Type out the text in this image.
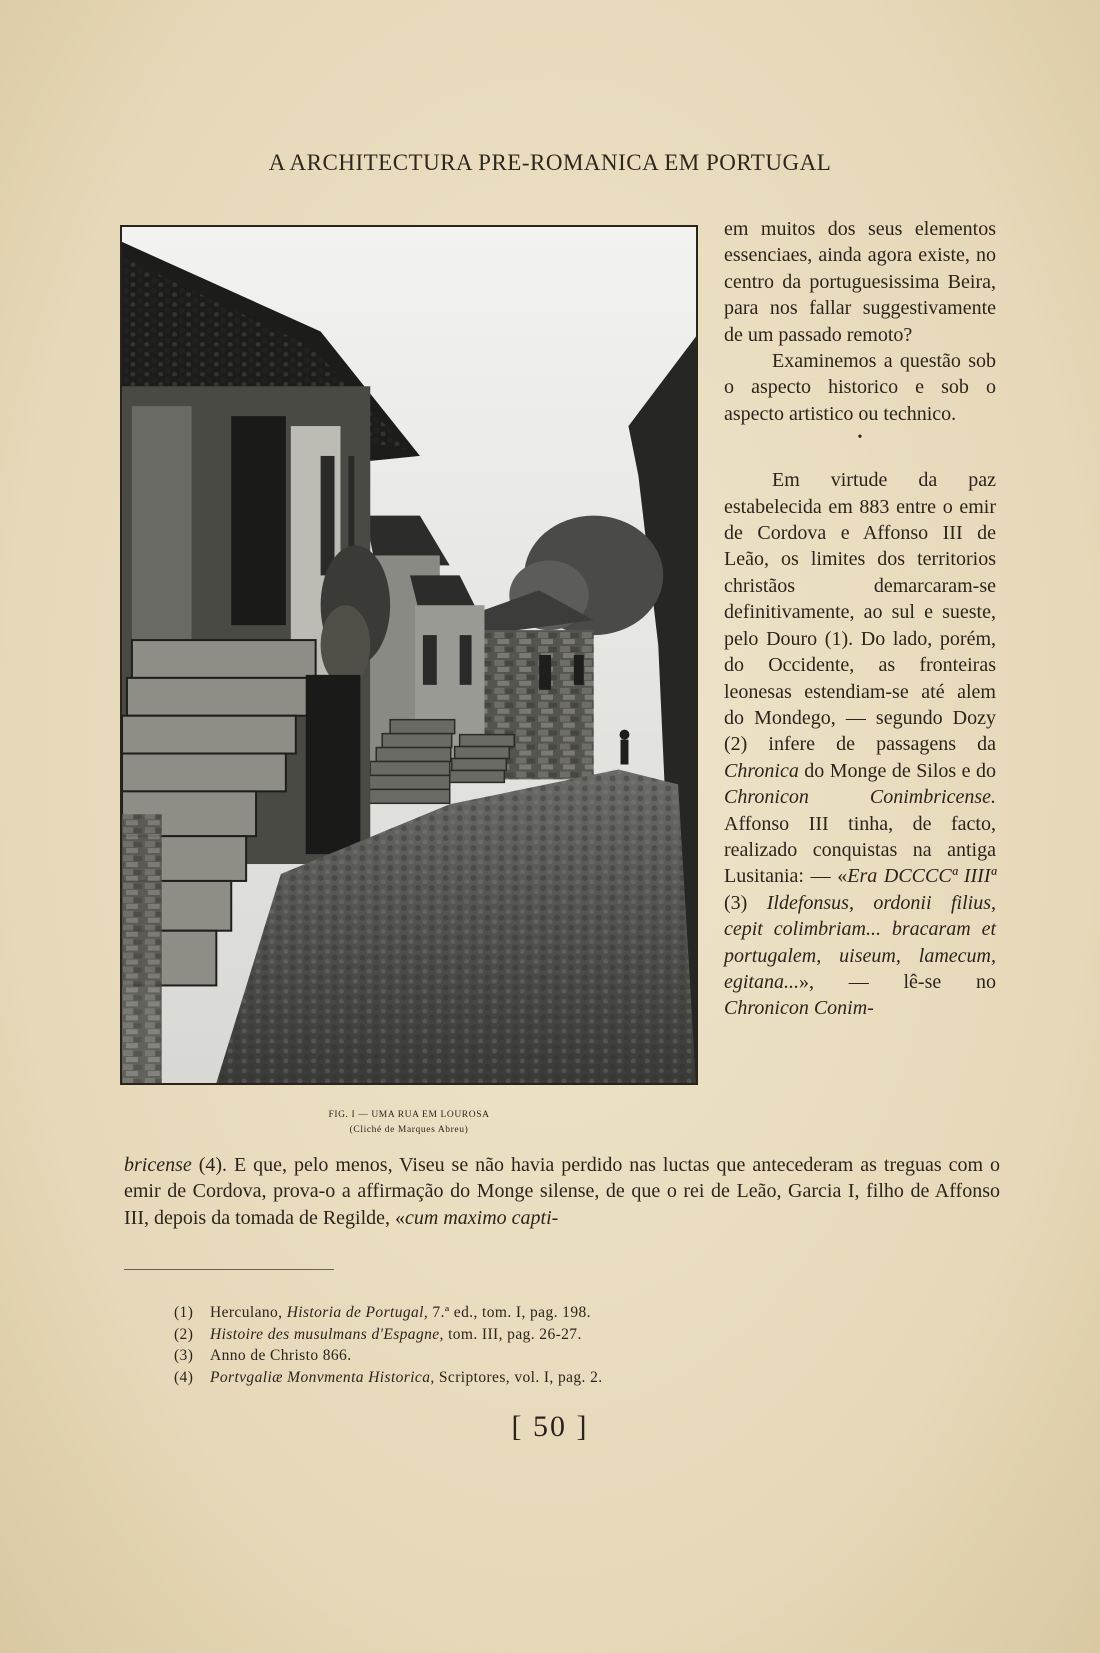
A ARCHITECTURA PRE-ROMANICA EM PORTUGAL
FIG. I — UMA RUA EM LOUROSA
(Cliché de Marques Abreu)

em muitos dos seus elementos essenciaes, ainda agora existe, no centro da portuguesissima Beira, para nos fallar suggestivamente de um passado remoto?

Examinemos a questão sob o aspecto historico e sob o aspecto artistico ou technico.

•

Em virtude da paz estabelecida em 883 entre o emir de Cordova e Affonso III de Leão, os limites dos territorios christãos demarcaram-se definitivamente, ao sul e sueste, pelo Douro (1). Do lado, porém, do Occidente, as fronteiras leonesas estendiam-se até alem do Mondego, — segundo Dozy (2) infere de passagens da Chronica do Monge de Silos e do Chronicon Conimbricense. Affonso III tinha, de facto, realizado conquistas na antiga Lusitania: — «Era DCCCCª IIIIª (3) Ildefonsus, ordonii filius, cepit colimbriam... bracaram et portugalem, uiseum, lamecum, egitana...», — lê-se no Chronicon Conim-

bricense (4). E que, pelo menos, Viseu se não havia perdido nas luctas que antecederam as treguas com o emir de Cordova, prova-o a affirmação do Monge silense, de que o rei de Leão, Garcia I, filho de Affonso III, depois da tomada de Regilde, «cum maximo capti-

(1) Herculano, Historia de Portugal, 7.ª ed., tom. I, pag. 198.
(2) Histoire des musulmans d'Espagne, tom. III, pag. 26-27.
(3) Anno de Christo 866.
(4) Portvgaliæ Monvmenta Historica, Scriptores, vol. I, pag. 2.
[ 50 ]
